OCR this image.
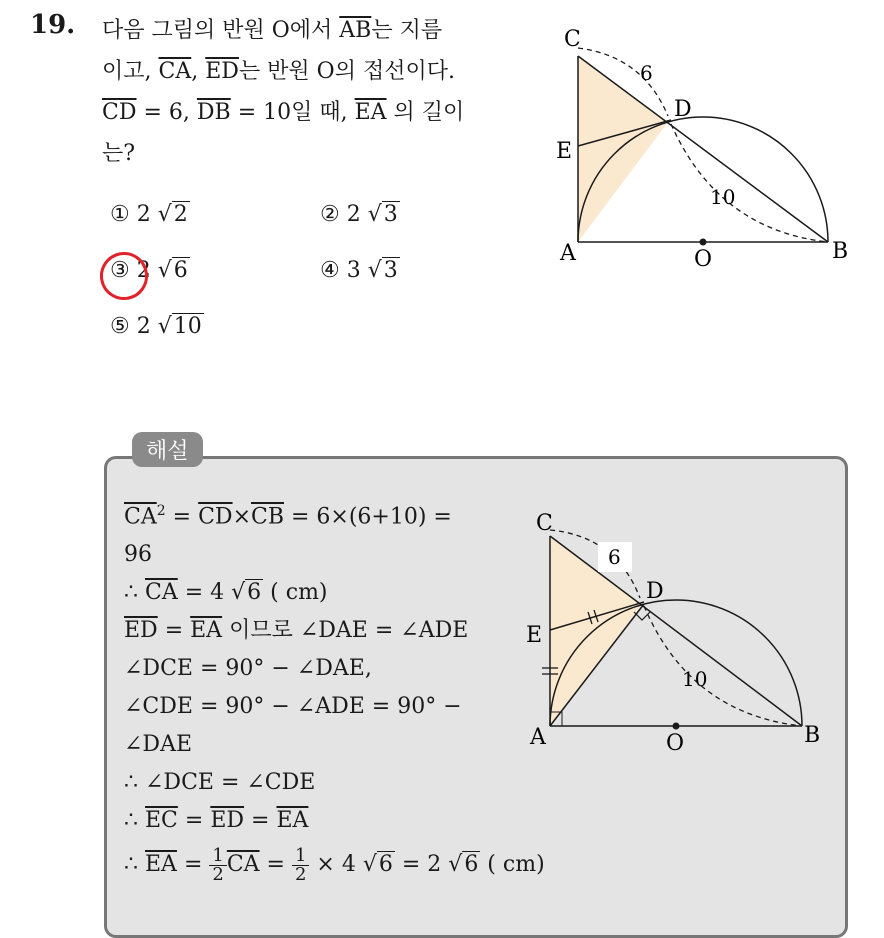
19. 다음 그림의 반원 O에서 $\overline{AB}$는 지름
이고, $\overline{CA}$, $\overline{ED}$는 반원 O의 접선이다.
$\overline{CD} = 6$, $\overline{DB} = 10$일 때, $\overline{EA}$ 의 길이
는?
① 2 √2	② 2 √3
③ 2 √6	④ 3 √3
⑤ 2 √10
C
D
E
A	O	B
6
10
해설
$\overline{CA}^2 = \overline{CD}\times\overline{CB} = 6\times(6+10)$ =
96
∴ $\overline{CA} = 4$ √6 ( cm)
$\overline{ED} = \overline{EA}$ 이므로 ∠DAE = ∠ADE
∠DCE = 90° − ∠DAE,
∠CDE = 90° − ∠ADE = 90° −
∠DAE
∴ ∠DCE = ∠CDE
∴ $\overline{EC} = \overline{ED} = \overline{EA}$
∴ $\overline{EA} = \frac{1}{2} \overline{CA} = \frac{1}{2} \times 4$ √6 = 2 √6 ( cm)
C
D
E
A	O	B
6
10
